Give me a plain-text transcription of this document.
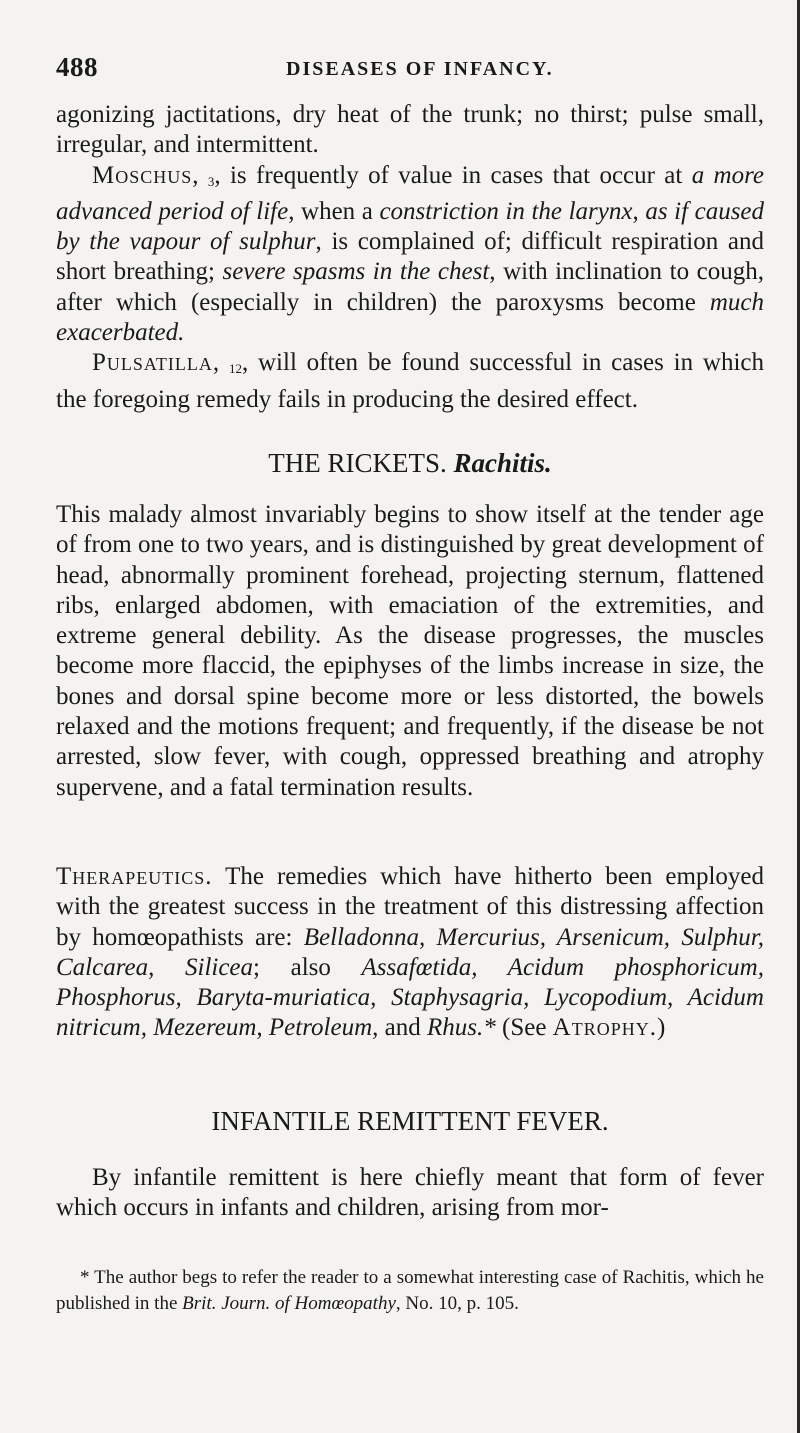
488	DISEASES OF INFANCY.

agonizing jactitations, dry heat of the trunk; no thirst; pulse small, irregular, and intermittent.

Moschus, 3, is frequently of value in cases that occur at a more advanced period of life, when a constriction in the larynx, as if caused by the vapour of sulphur, is complained of; difficult respiration and short breathing; severe spasms in the chest, with inclination to cough, after which (especially in children) the paroxysms become much exacerbated.

Pulsatilla, 12, will often be found successful in cases in which the foregoing remedy fails in producing the desired effect.

THE RICKETS. Rachitis.

This malady almost invariably begins to show itself at the tender age of from one to two years, and is distinguished by great development of head, abnormally prominent forehead, projecting sternum, flattened ribs, enlarged abdomen, with emaciation of the extremities, and extreme general debility. As the disease progresses, the muscles become more flaccid, the epiphyses of the limbs increase in size, the bones and dorsal spine become more or less distorted, the bowels relaxed and the motions frequent; and frequently, if the disease be not arrested, slow fever, with cough, oppressed breathing and atrophy supervene, and a fatal termination results.

Therapeutics. The remedies which have hitherto been employed with the greatest success in the treatment of this distressing affection by homœopathists are: Belladonna, Mercurius, Arsenicum, Sulphur, Calcarea, Silicea; also Assafœtida, Acidum phosphoricum, Phosphorus, Baryta-muriatica, Staphysagria, Lycopodium, Acidum nitricum, Mezereum, Petroleum, and Rhus.* (See Atrophy.)

INFANTILE REMITTENT FEVER.

By infantile remittent is here chiefly meant that form of fever which occurs in infants and children, arising from mor-

* The author begs to refer the reader to a somewhat interesting case of Rachitis, which he published in the Brit. Journ. of Homœopathy, No. 10, p. 105.
